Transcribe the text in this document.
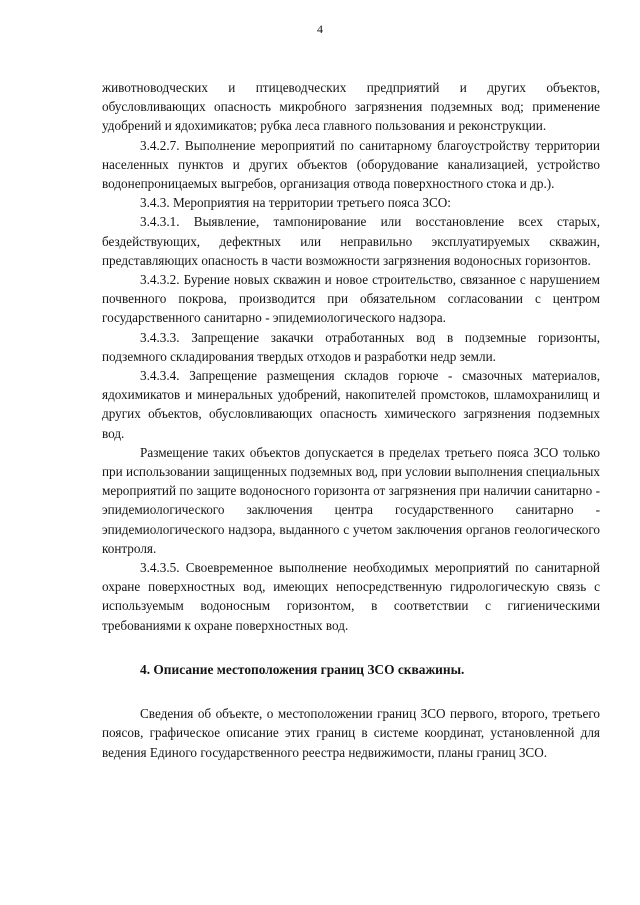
4

животноводческих и птицеводческих предприятий и других объектов, обусловливающих опасность микробного загрязнения подземных вод; применение удобрений и ядохимикатов; рубка леса главного пользования и реконструкции.

3.4.2.7. Выполнение мероприятий по санитарному благоустройству территории населенных пунктов и других объектов (оборудование канализацией, устройство водонепроницаемых выгребов, организация отвода поверхностного стока и др.).

3.4.3. Мероприятия на территории третьего пояса ЗСО:

3.4.3.1. Выявление, тампонирование или восстановление всех старых, бездействующих, дефектных или неправильно эксплуатируемых скважин, представляющих опасность в части возможности загрязнения водоносных горизонтов.

3.4.3.2. Бурение новых скважин и новое строительство, связанное с нарушением почвенного покрова, производится при обязательном согласовании с центром государственного санитарно - эпидемиологического надзора.

3.4.3.3. Запрещение закачки отработанных вод в подземные горизонты, подземного складирования твердых отходов и разработки недр земли.

3.4.3.4. Запрещение размещения складов горюче - смазочных материалов, ядохимикатов и минеральных удобрений, накопителей промстоков, шламохранилищ и других объектов, обусловливающих опасность химического загрязнения подземных вод.

Размещение таких объектов допускается в пределах третьего пояса ЗСО только при использовании защищенных подземных вод, при условии выполнения специальных мероприятий по защите водоносного горизонта от загрязнения при наличии санитарно - эпидемиологического заключения центра государственного санитарно - эпидемиологического надзора, выданного с учетом заключения органов геологического контроля.

3.4.3.5. Своевременное выполнение необходимых мероприятий по санитарной охране поверхностных вод, имеющих непосредственную гидрологическую связь с используемым водоносным горизонтом, в соответствии с гигиеническими требованиями к охране поверхностных вод.

4. Описание местоположения границ ЗСО скважины.

Сведения об объекте, о местоположении границ ЗСО первого, второго, третьего поясов, графическое описание этих границ в системе координат, установленной для ведения Единого государственного реестра недвижимости, планы границ ЗСО.
